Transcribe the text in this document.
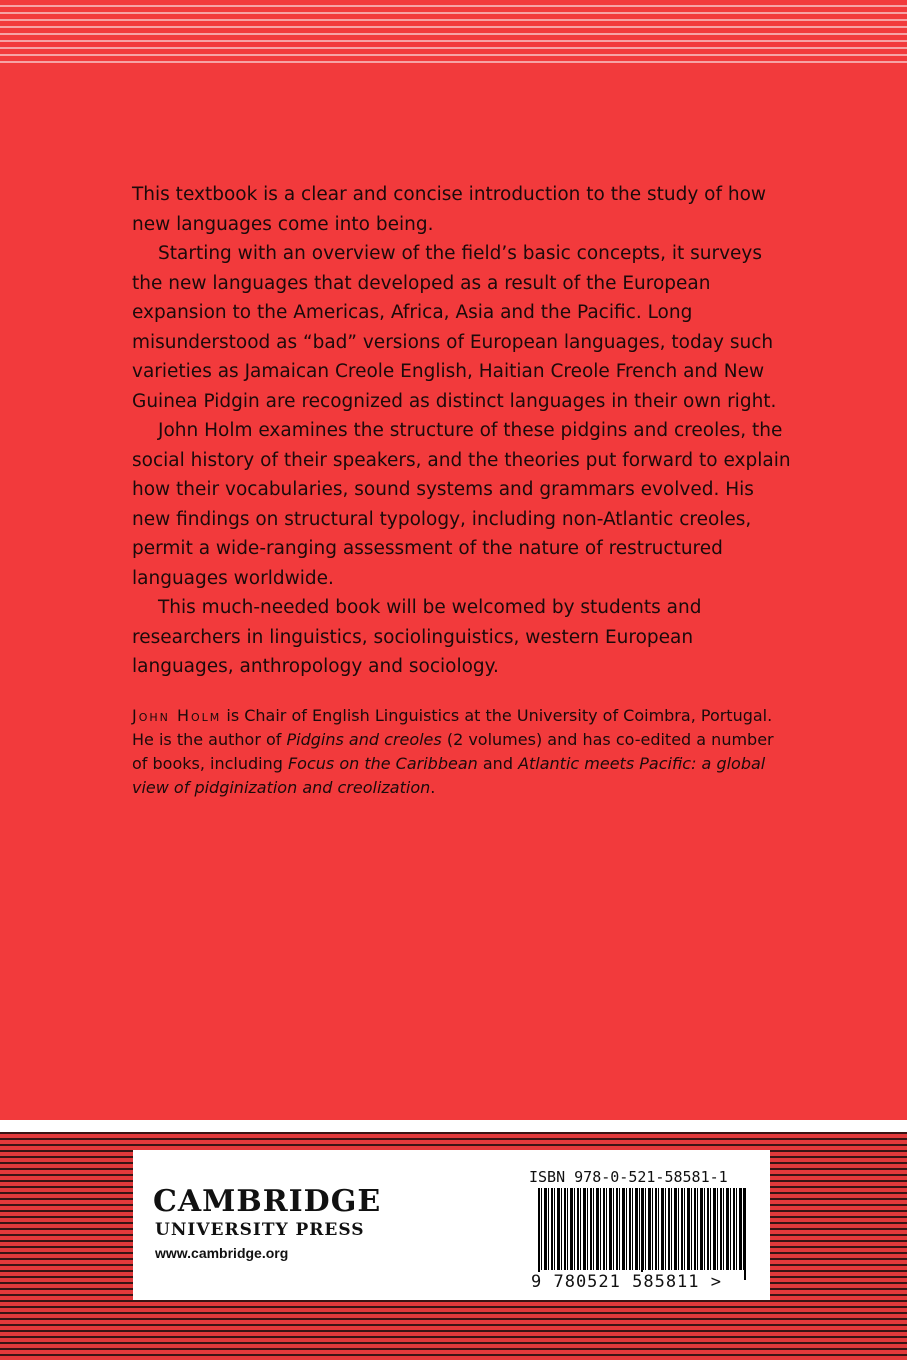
This textbook is a clear and concise introduction to the study of how new languages come into being.

Starting with an overview of the field’s basic concepts, it surveys the new languages that developed as a result of the European expansion to the Americas, Africa, Asia and the Pacific. Long misunderstood as “bad” versions of European languages, today such varieties as Jamaican Creole English, Haitian Creole French and New Guinea Pidgin are recognized as distinct languages in their own right.

John Holm examines the structure of these pidgins and creoles, the social history of their speakers, and the theories put forward to explain how their vocabularies, sound systems and grammars evolved. His new findings on structural typology, including non-Atlantic creoles, permit a wide-ranging assessment of the nature of restructured languages worldwide.

This much-needed book will be welcomed by students and researchers in linguistics, sociolinguistics, western European languages, anthropology and sociology.

John Holm is Chair of English Linguistics at the University of Coimbra, Portugal. He is the author of Pidgins and creoles (2 volumes) and has co-edited a number of books, including Focus on the Caribbean and Atlantic meets Pacific: a global view of pidginization and creolization.

CAMBRIDGE
UNIVERSITY PRESS
www.cambridge.org
ISBN 978-0-521-58581-1
9 780521 585811 >
